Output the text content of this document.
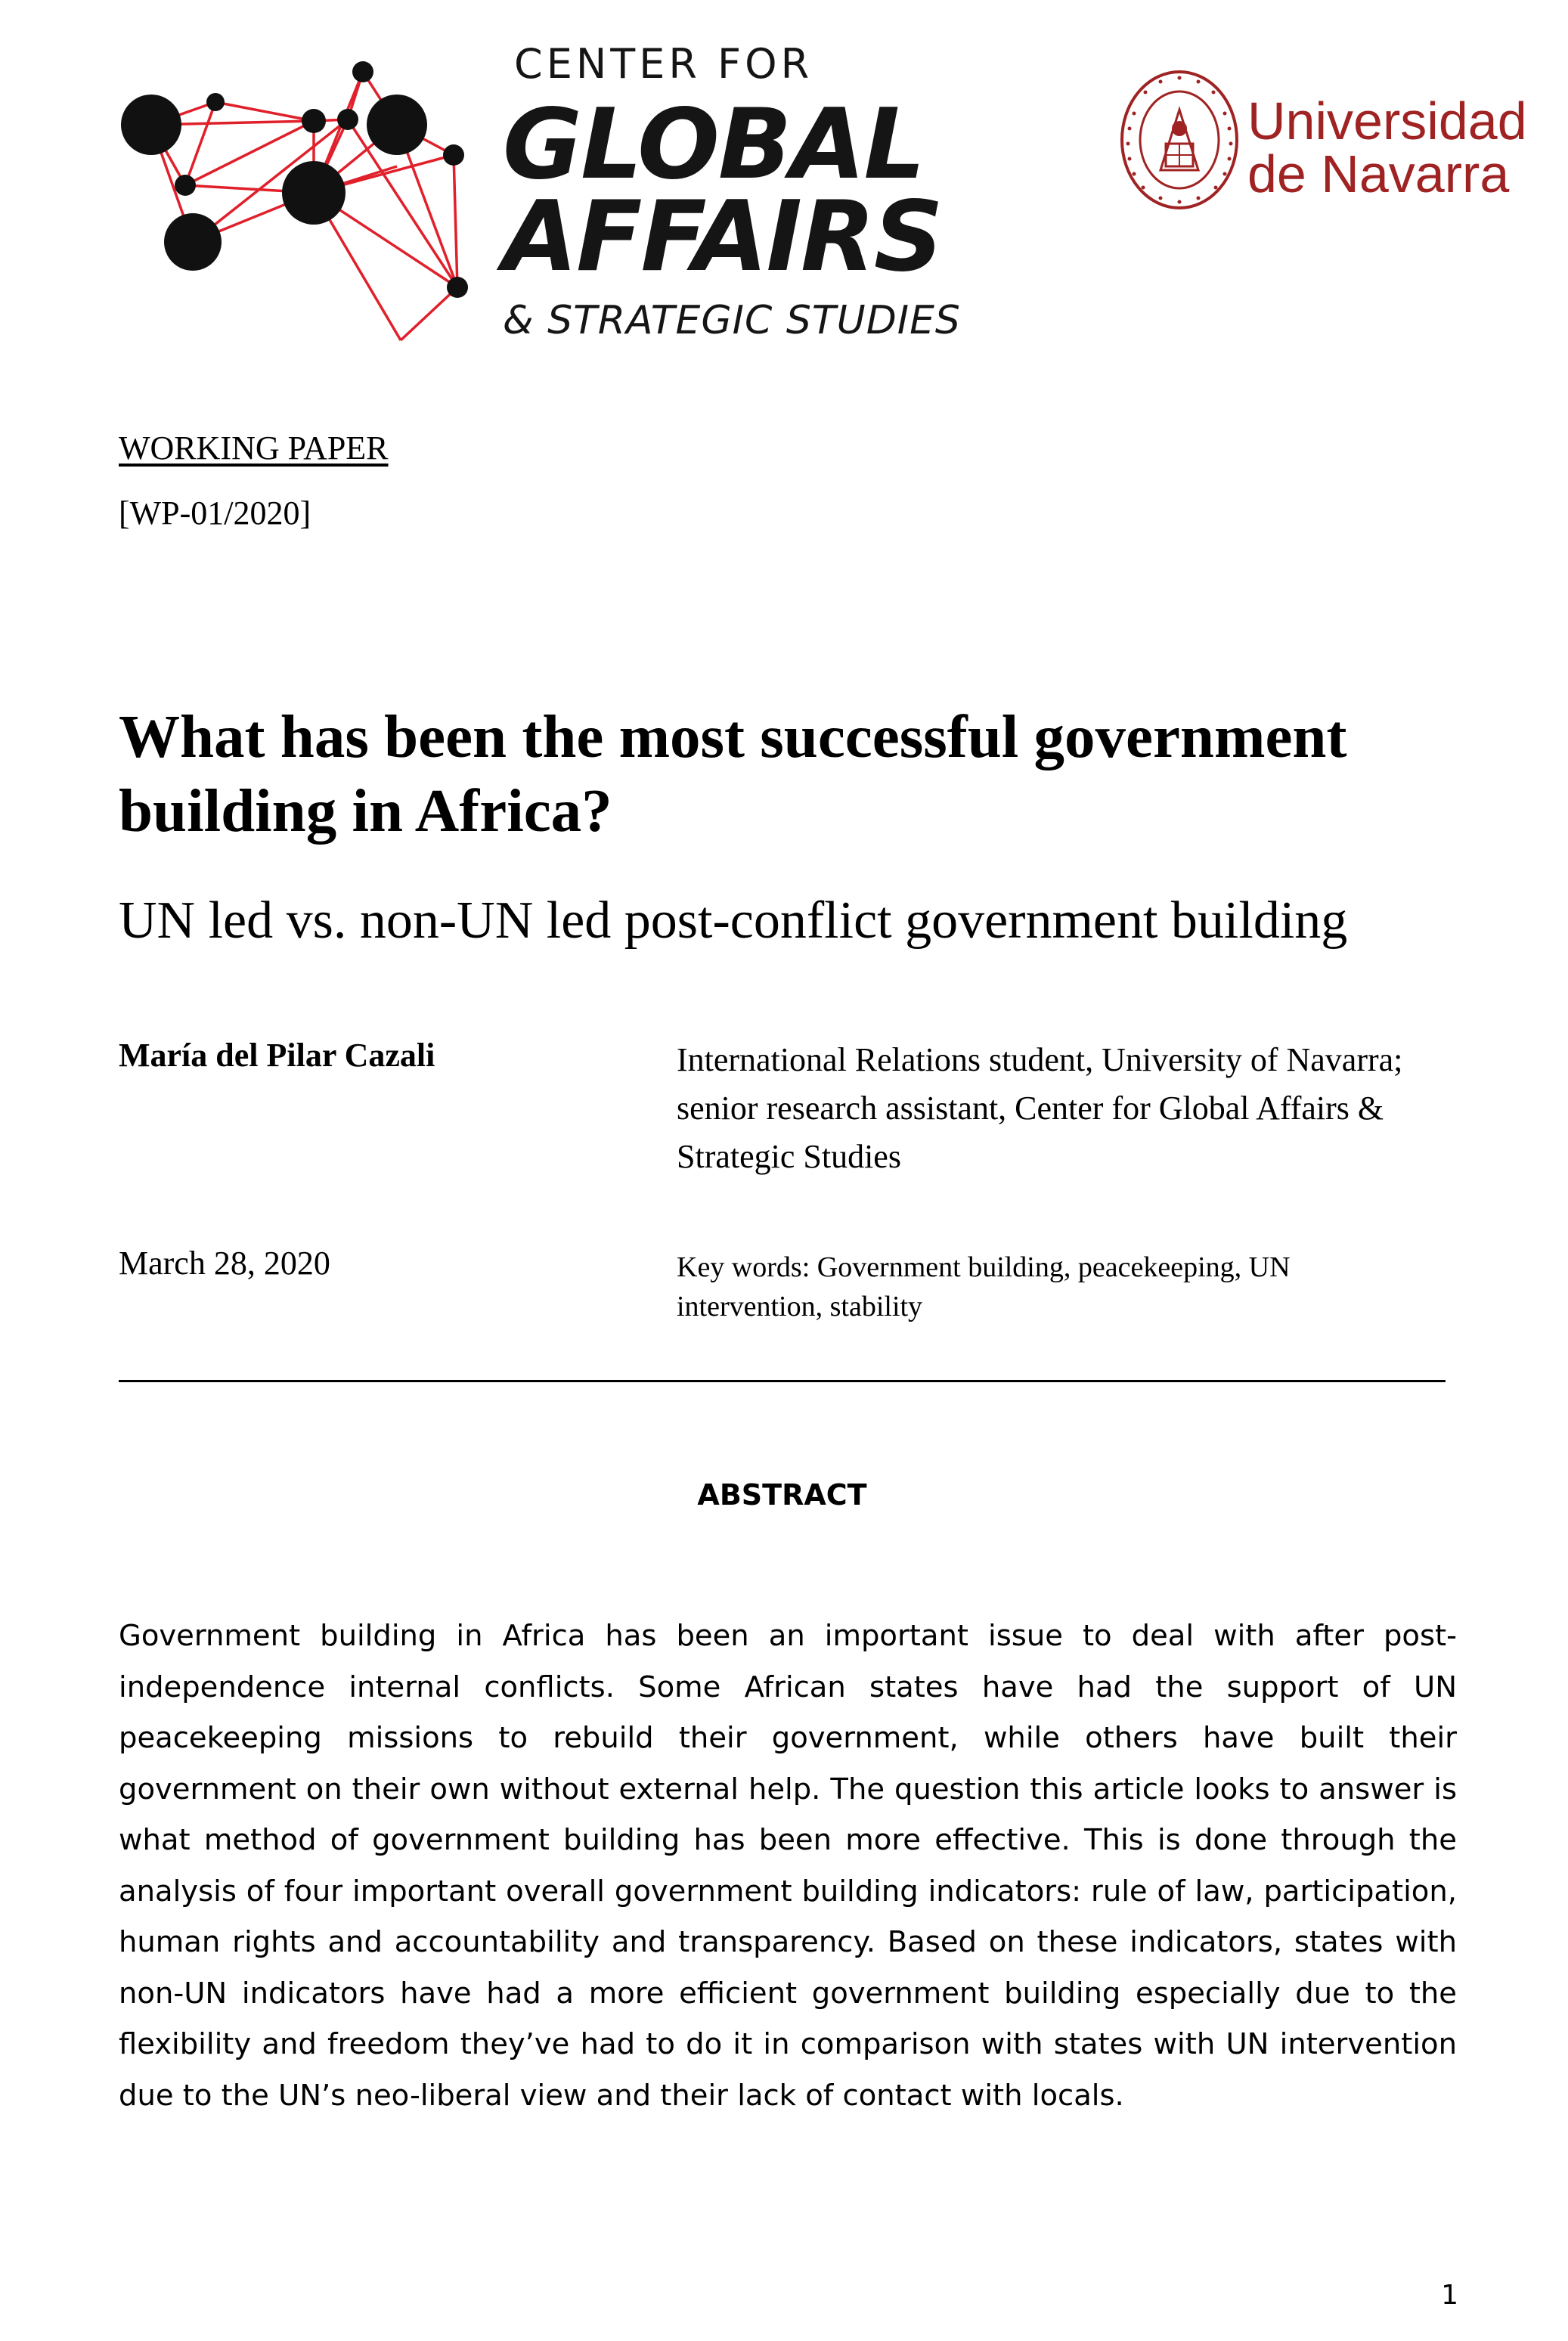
CENTER FOR
GLOBAL
AFFAIRS
& STRATEGIC STUDIES
Universidad
de Navarra
WORKING PAPER
[WP-01/2020]
What has been the most successful government building in Africa?
UN led vs. non-UN led post-conflict government building
María del Pilar Cazali	International Relations student, University of Navarra; senior research assistant, Center for Global Affairs & Strategic Studies
March 28, 2020	Key words: Government building, peacekeeping, UN intervention, stability
ABSTRACT
Government building in Africa has been an important issue to deal with after post-independence internal conflicts. Some African states have had the support of UN peacekeeping missions to rebuild their government, while others have built their government on their own without external help. The question this article looks to answer is what method of government building has been more effective. This is done through the analysis of four important overall government building indicators: rule of law, participation, human rights and accountability and transparency. Based on these indicators, states with non-UN indicators have had a more efficient government building especially due to the flexibility and freedom they’ve had to do it in comparison with states with UN intervention due to the UN’s neo-liberal view and their lack of contact with locals.
1
